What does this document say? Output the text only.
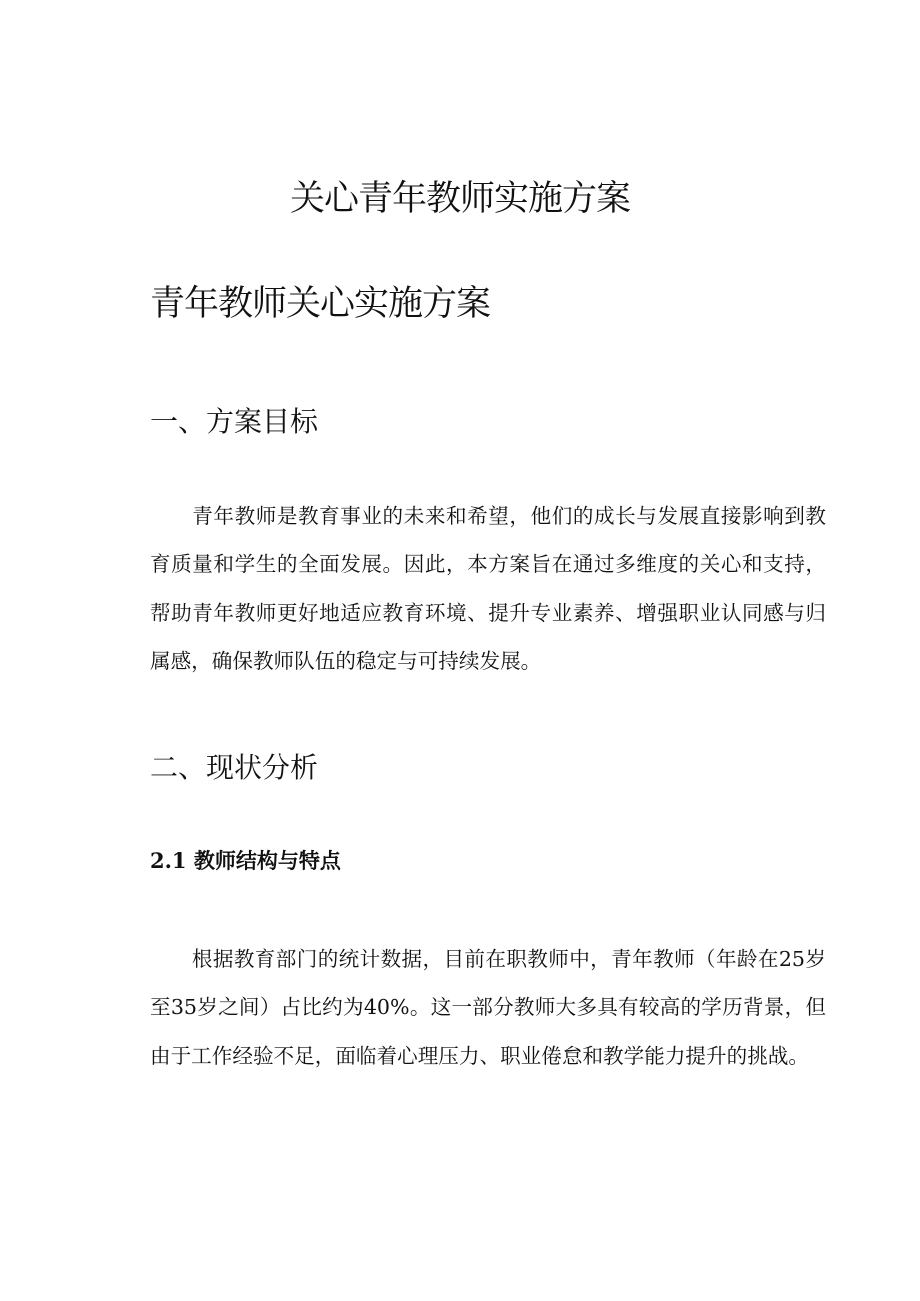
关心青年教师实施方案
青年教师关心实施方案
一、方案目标

　　青年教师是教育事业的未来和希望，他们的成长与发展直接影响到教育质量和学生的全面发展。因此，本方案旨在通过多维度的关心和支持，帮助青年教师更好地适应教育环境、提升专业素养、增强职业认同感与归属感，确保教师队伍的稳定与可持续发展。

二、现状分析
2.1 教师结构与特点

　　根据教育部门的统计数据，目前在职教师中，青年教师（年龄在25岁至35岁之间）占比约为40%。这一部分教师大多具有较高的学历背景，但由于工作经验不足，面临着心理压力、职业倦怠和教学能力提升的挑战。
